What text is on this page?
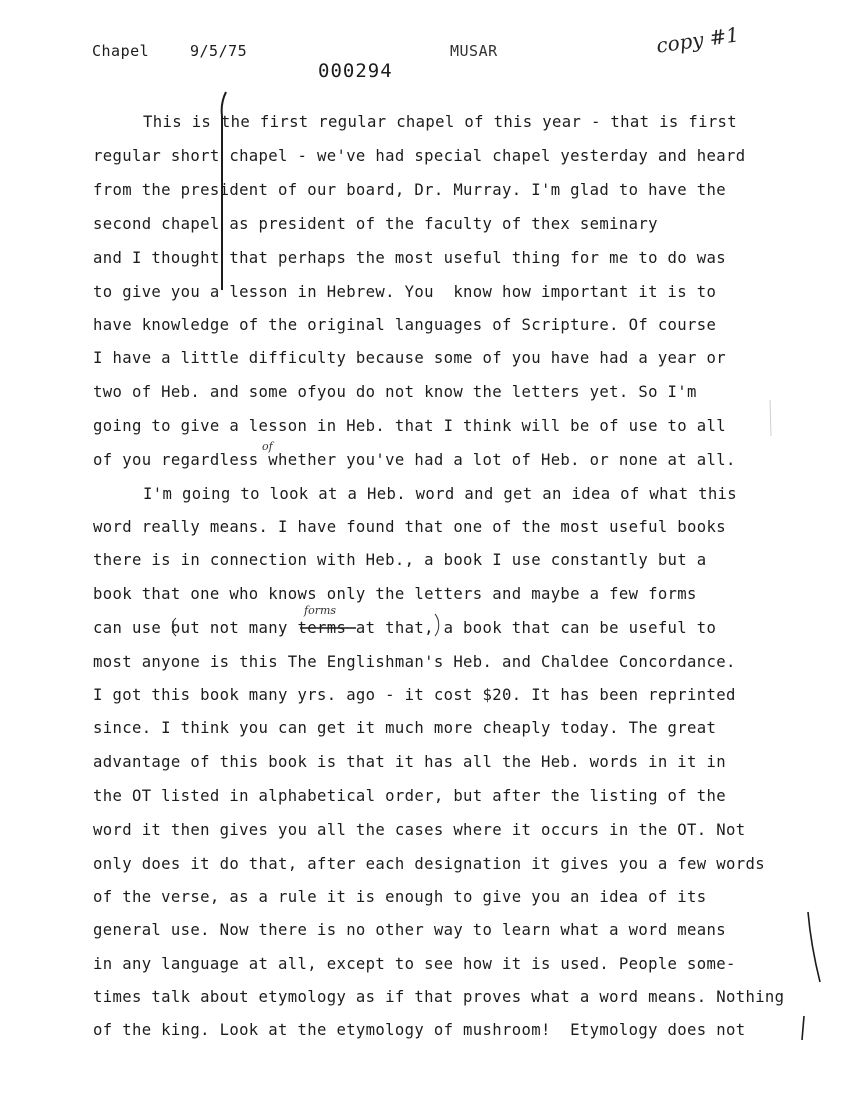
Chapel	9/5/75	MUSAR
000294
copy #1
This is the first regular chapel of this year - that is first
regular short chapel - we've had special chapel yesterday and heard
from the president of our board, Dr. Murray. I'm glad to have the
second chapel as president of the faculty of thex seminary
and I thought that perhaps the most useful thing for me to do was
to give you a lesson in Hebrew. You  know how important it is to
have knowledge of the original languages of Scripture. Of course
I have a little difficulty because some of you have had a year or
two of Heb. and some ofyou do not know the letters yet. So I'm
going to give a lesson in Heb. that I think will be of use to all
of you regardless whether you've had a lot of Heb. or none at all.
I'm going to look at a Heb. word and get an idea of what this
word really means. I have found that one of the most useful books
there is in connection with Heb., a book I use constantly but a
book that one who knows only the letters and maybe a few forms
can use but not many terms at that, a book that can be useful to
most anyone is this The Englishman's Heb. and Chaldee Concordance.
I got this book many yrs. ago - it cost $20. It has been reprinted
since. I think you can get it much more cheaply today. The great
advantage of this book is that it has all the Heb. words in it in
the OT listed in alphabetical order, but after the listing of the
word it then gives you all the cases where it occurs in the OT. Not
only does it do that, after each designation it gives you a few words
of the verse, as a rule it is enough to give you an idea of its
general use. Now there is no other way to learn what a word means
in any language at all, except to see how it is used. People some-
times talk about etymology as if that proves what a word means. Nothing
of the king. Look at the etymology of mushroom!  Etymology does not
of
forms
